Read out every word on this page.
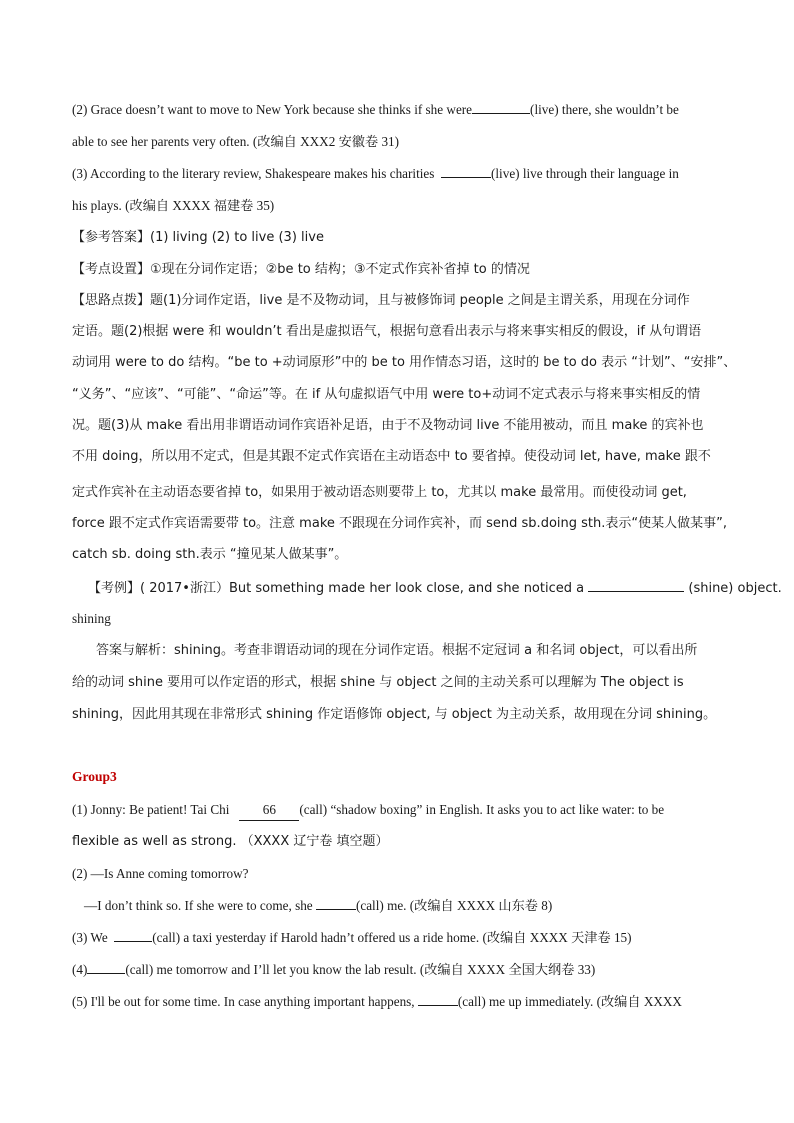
(2) Grace doesn’t want to move to New York because she thinks if she were	(live) there, she wouldn’t be
able to see her parents very often. (改编自 XXX2 安徽卷 31)
(3) According to the literary review, Shakespeare makes his charities	(live) live through their language in
his plays. (改编自 XXXX 福建卷 35)
【参考答案】(1) living (2) to live (3) live
【考点设置】①现在分词作定语；②be to 结构；③不定式作宾补省掉 to 的情况
【思路点拨】题(1)分词作定语，live 是不及物动词，且与被修饰词 people 之间是主谓关系，用现在分词作
定语。题(2)根据 were 和 wouldn’t 看出是虚拟语气，根据句意看出表示与将来事实相反的假设，if 从句谓语
动词用 were to do 结构。“be to +动词原形”中的 be to 用作情态习语，这时的 be to do 表示 “计划”、“安排”、
“义务”、“应该”、“可能”、“命运”等。在 if 从句虚拟语气中用 were to+动词不定式表示与将来事实相反的情
况。题(3)从 make 看出用非谓语动词作宾语补足语，由于不及物动词 live 不能用被动，而且 make 的宾补也
不用 doing，所以用不定式，但是其跟不定式作宾语在主动语态中 to 要省掉。使役动词 let, have, make 跟不
定式作宾补在主动语态要省掉 to，如果用于被动语态则要带上 to，尤其以 make 最常用。而使役动词 get,
force 跟不定式作宾语需要带 to。注意 make 不跟现在分词作宾补，而 send sb.doing sth.表示“使某人做某事”,
catch sb. doing sth.表示 “撞见某人做某事”。
【考例】( 2017•浙江）But something made her look close, and she noticed a	(shine) object.
shining
答案与解析：shining。考查非谓语动词的现在分词作定语。根据不定冠词 a 和名词 object，可以看出所
给的动词 shine 要用可以作定语的形式，根据 shine 与 object 之间的主动关系可以理解为 The object is
shining，因此用其现在非常形式 shining 作定语修饰 object, 与 object 为主动关系，故用现在分词 shining。
Group3
(1) Jonny: Be patient! Tai Chi	66 (call) “shadow boxing” in English. It asks you to act like water: to be
flexible as well as strong. （XXXX 辽宁卷 填空题）
(2) —Is Anne coming tomorrow?
—I don’t think so. If she were to come, she	(call) me. (改编自 XXXX 山东卷 8)
(3) We	(call) a taxi yesterday if Harold hadn’t offered us a ride home. (改编自 XXXX 天津卷 15)
(4)	(call) me tomorrow and I’ll let you know the lab result. (改编自 XXXX 全国大纲卷 33)
(5) I'll be out for some time. In case anything important happens,	(call) me up immediately. (改编自 XXXX
